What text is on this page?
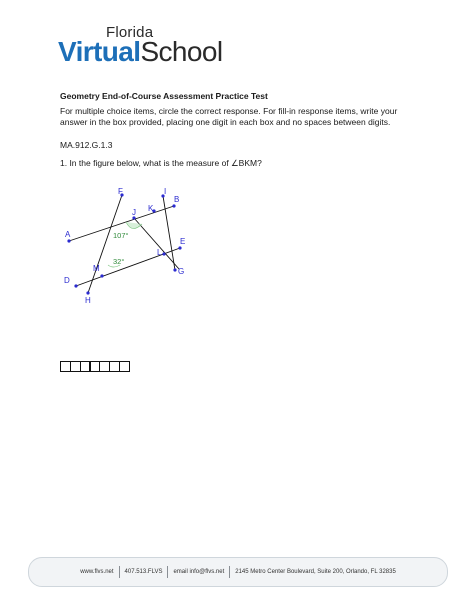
Florida
VirtualSchool
Geometry End-of-Course Assessment Practice Test
For multiple choice items, circle the correct response. For fill-in response items, write your answer in the box provided, placing one digit in each box and no spaces between digits.
MA.912.G.1.3
1. In the figure below, what is the measure of ∠BKM?
A
B
D
E
F
G
H
I
J K
L
M
107°
32°
www.flvs.net	407.513.FLVS	email info@flvs.net	2145 Metro Center Boulevard, Suite 200, Orlando, FL 32835
